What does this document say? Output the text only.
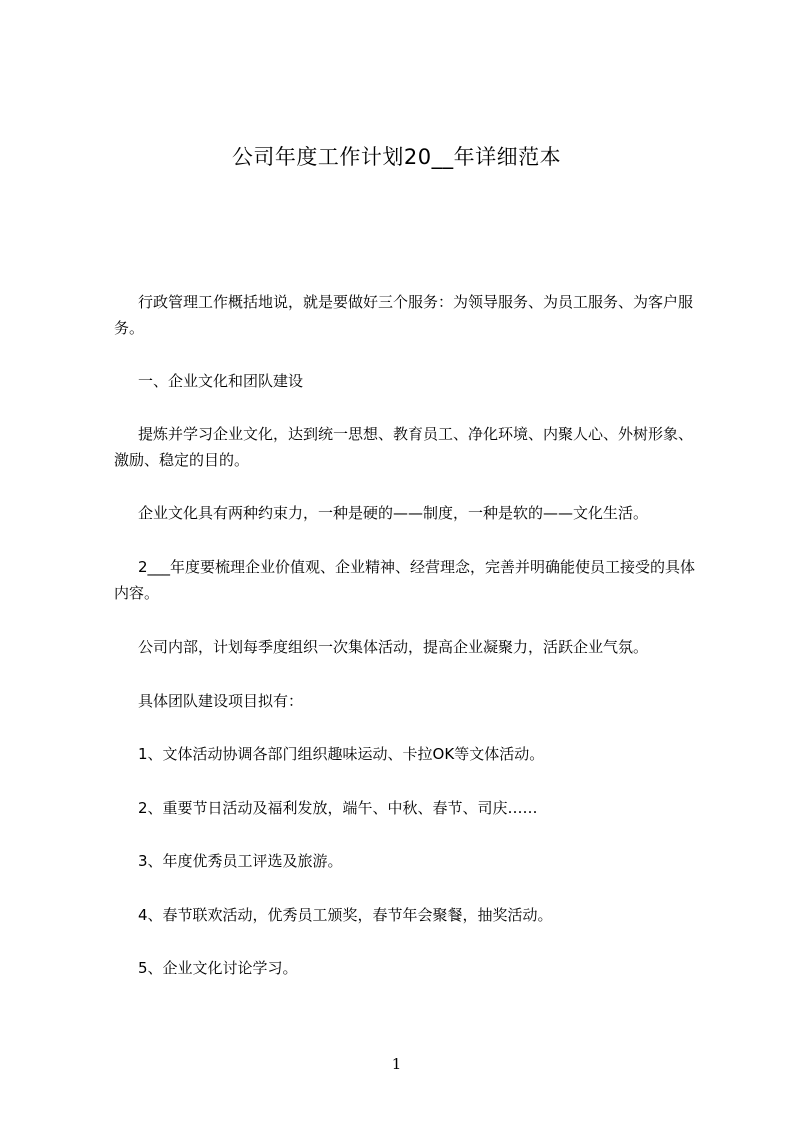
公司年度工作计划20__年详细范本

行政管理工作概括地说，就是要做好三个服务：为领导服务、为员工服务、为客户服务。

一、企业文化和团队建设

提炼并学习企业文化，达到统一思想、教育员工、净化环境、内聚人心、外树形象、激励、稳定的目的。

企业文化具有两种约束力，一种是硬的——制度，一种是软的——文化生活。

2___年度要梳理企业价值观、企业精神、经营理念，完善并明确能使员工接受的具体内容。

公司内部，计划每季度组织一次集体活动，提高企业凝聚力，活跃企业气氛。

具体团队建设项目拟有：

1、文体活动协调各部门组织趣味运动、卡拉OK等文体活动。

2、重要节日活动及福利发放，端午、中秋、春节、司庆……

3、年度优秀员工评选及旅游。

4、春节联欢活动，优秀员工颁奖，春节年会聚餐，抽奖活动。

5、企业文化讨论学习。

1
